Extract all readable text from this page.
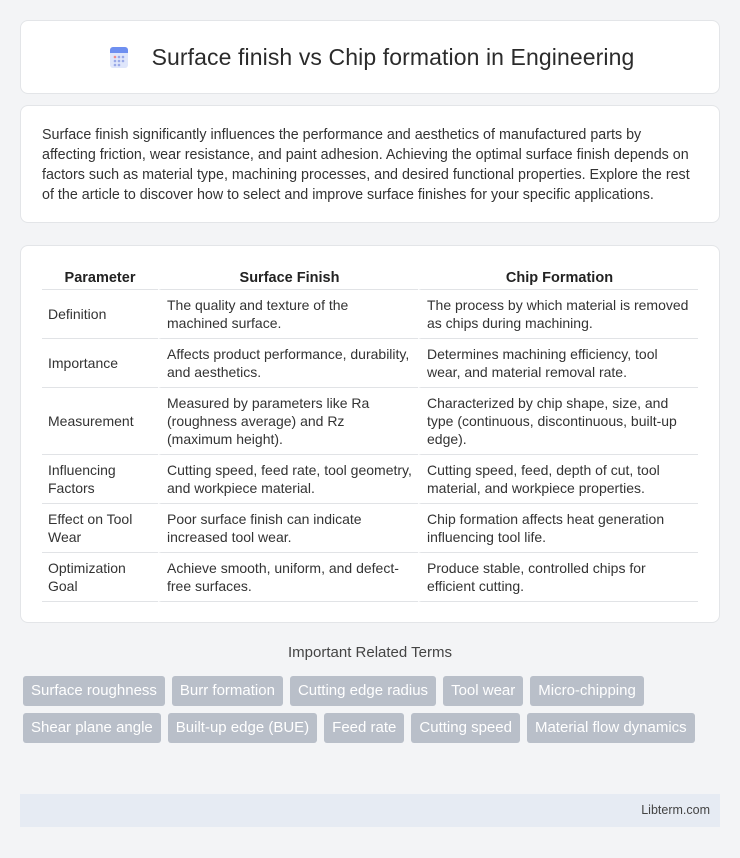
Surface finish vs Chip formation in Engineering

Surface finish significantly influences the performance and aesthetics of manufactured parts by affecting friction, wear resistance, and paint adhesion. Achieving the optimal surface finish depends on factors such as material type, machining processes, and desired functional properties. Explore the rest of the article to discover how to select and improve surface finishes for your specific applications.

Parameter	Surface Finish	Chip Formation
Definition	The quality and texture of the machined surface.	The process by which material is removed as chips during machining.
Importance	Affects product performance, durability, and aesthetics.	Determines machining efficiency, tool wear, and material removal rate.
Measurement	Measured by parameters like Ra (roughness average) and Rz (maximum height).	Characterized by chip shape, size, and type (continuous, discontinuous, built-up edge).
Influencing Factors	Cutting speed, feed rate, tool geometry, and workpiece material.	Cutting speed, feed, depth of cut, tool material, and workpiece properties.
Effect on Tool Wear	Poor surface finish can indicate increased tool wear.	Chip formation affects heat generation influencing tool life.
Optimization Goal	Achieve smooth, uniform, and defect-free surfaces.	Produce stable, controlled chips for efficient cutting.
Important Related Terms
Surface roughness	Burr formation	Cutting edge radius	Tool wear	Micro-chipping
Shear plane angle	Built-up edge (BUE)	Feed rate	Cutting speed	Material flow dynamics
Libterm.com
